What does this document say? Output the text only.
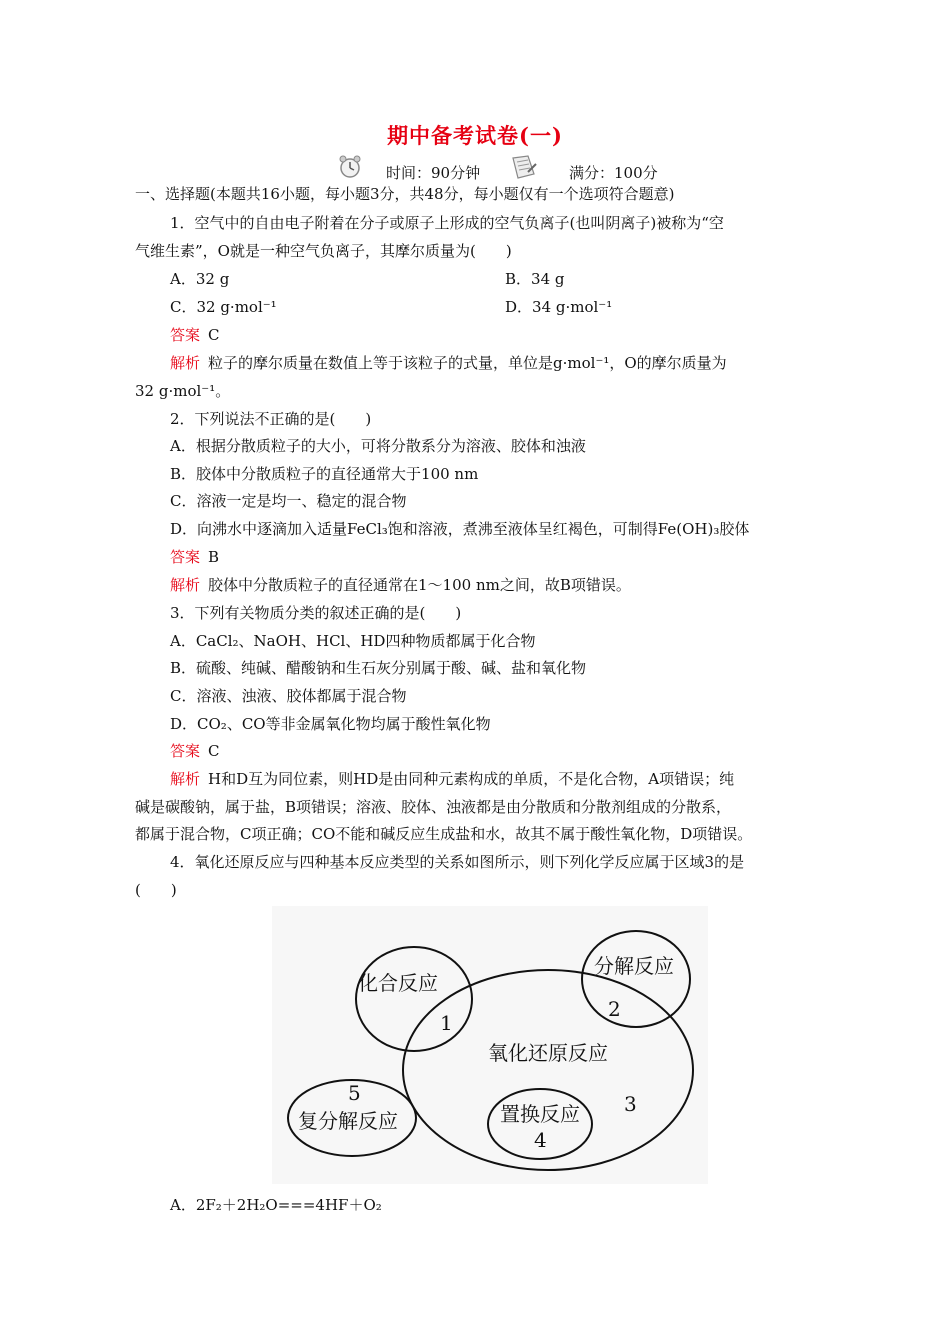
期中备考试卷(一)
时间：90分钟	满分：100分
一、选择题(本题共16小题，每小题3分，共48分，每小题仅有一个选项符合题意)
1．空气中的自由电子附着在分子或原子上形成的空气负离子(也叫阴离子)被称为“空
气维生素”，O就是一种空气负离子，其摩尔质量为(　　)
A．32 g	B．34 g
C．32 g·mol⁻¹	D．34 g·mol⁻¹
答案 C
解析 粒子的摩尔质量在数值上等于该粒子的式量，单位是g·mol⁻¹，O的摩尔质量为
32 g·mol⁻¹。
2．下列说法不正确的是(　　)
A．根据分散质粒子的大小，可将分散系分为溶液、胶体和浊液
B．胶体中分散质粒子的直径通常大于100 nm
C．溶液一定是均一、稳定的混合物
D．向沸水中逐滴加入适量FeCl₃饱和溶液，煮沸至液体呈红褐色，可制得Fe(OH)₃胶体
答案 B
解析 胶体中分散质粒子的直径通常在1～100 nm之间，故B项错误。
3．下列有关物质分类的叙述正确的是(　　)
A．CaCl₂、NaOH、HCl、HD四种物质都属于化合物
B．硫酸、纯碱、醋酸钠和生石灰分别属于酸、碱、盐和氧化物
C．溶液、浊液、胶体都属于混合物
D．CO₂、CO等非金属氧化物均属于酸性氧化物
答案 C
解析 H和D互为同位素，则HD是由同种元素构成的单质，不是化合物，A项错误；纯
碱是碳酸钠，属于盐，B项错误；溶液、胶体、浊液都是由分散质和分散剂组成的分散系，
都属于混合物，C项正确；CO不能和碱反应生成盐和水，故其不属于酸性氧化物，D项错误。
4．氧化还原反应与四种基本反应类型的关系如图所示，则下列化学反应属于区域3的是
(　　)
化合反应
分解反应
氧化还原反应
置换反应
复分解反应
1
2
3
4
5
A．2F₂＋2H₂O===4HF＋O₂
